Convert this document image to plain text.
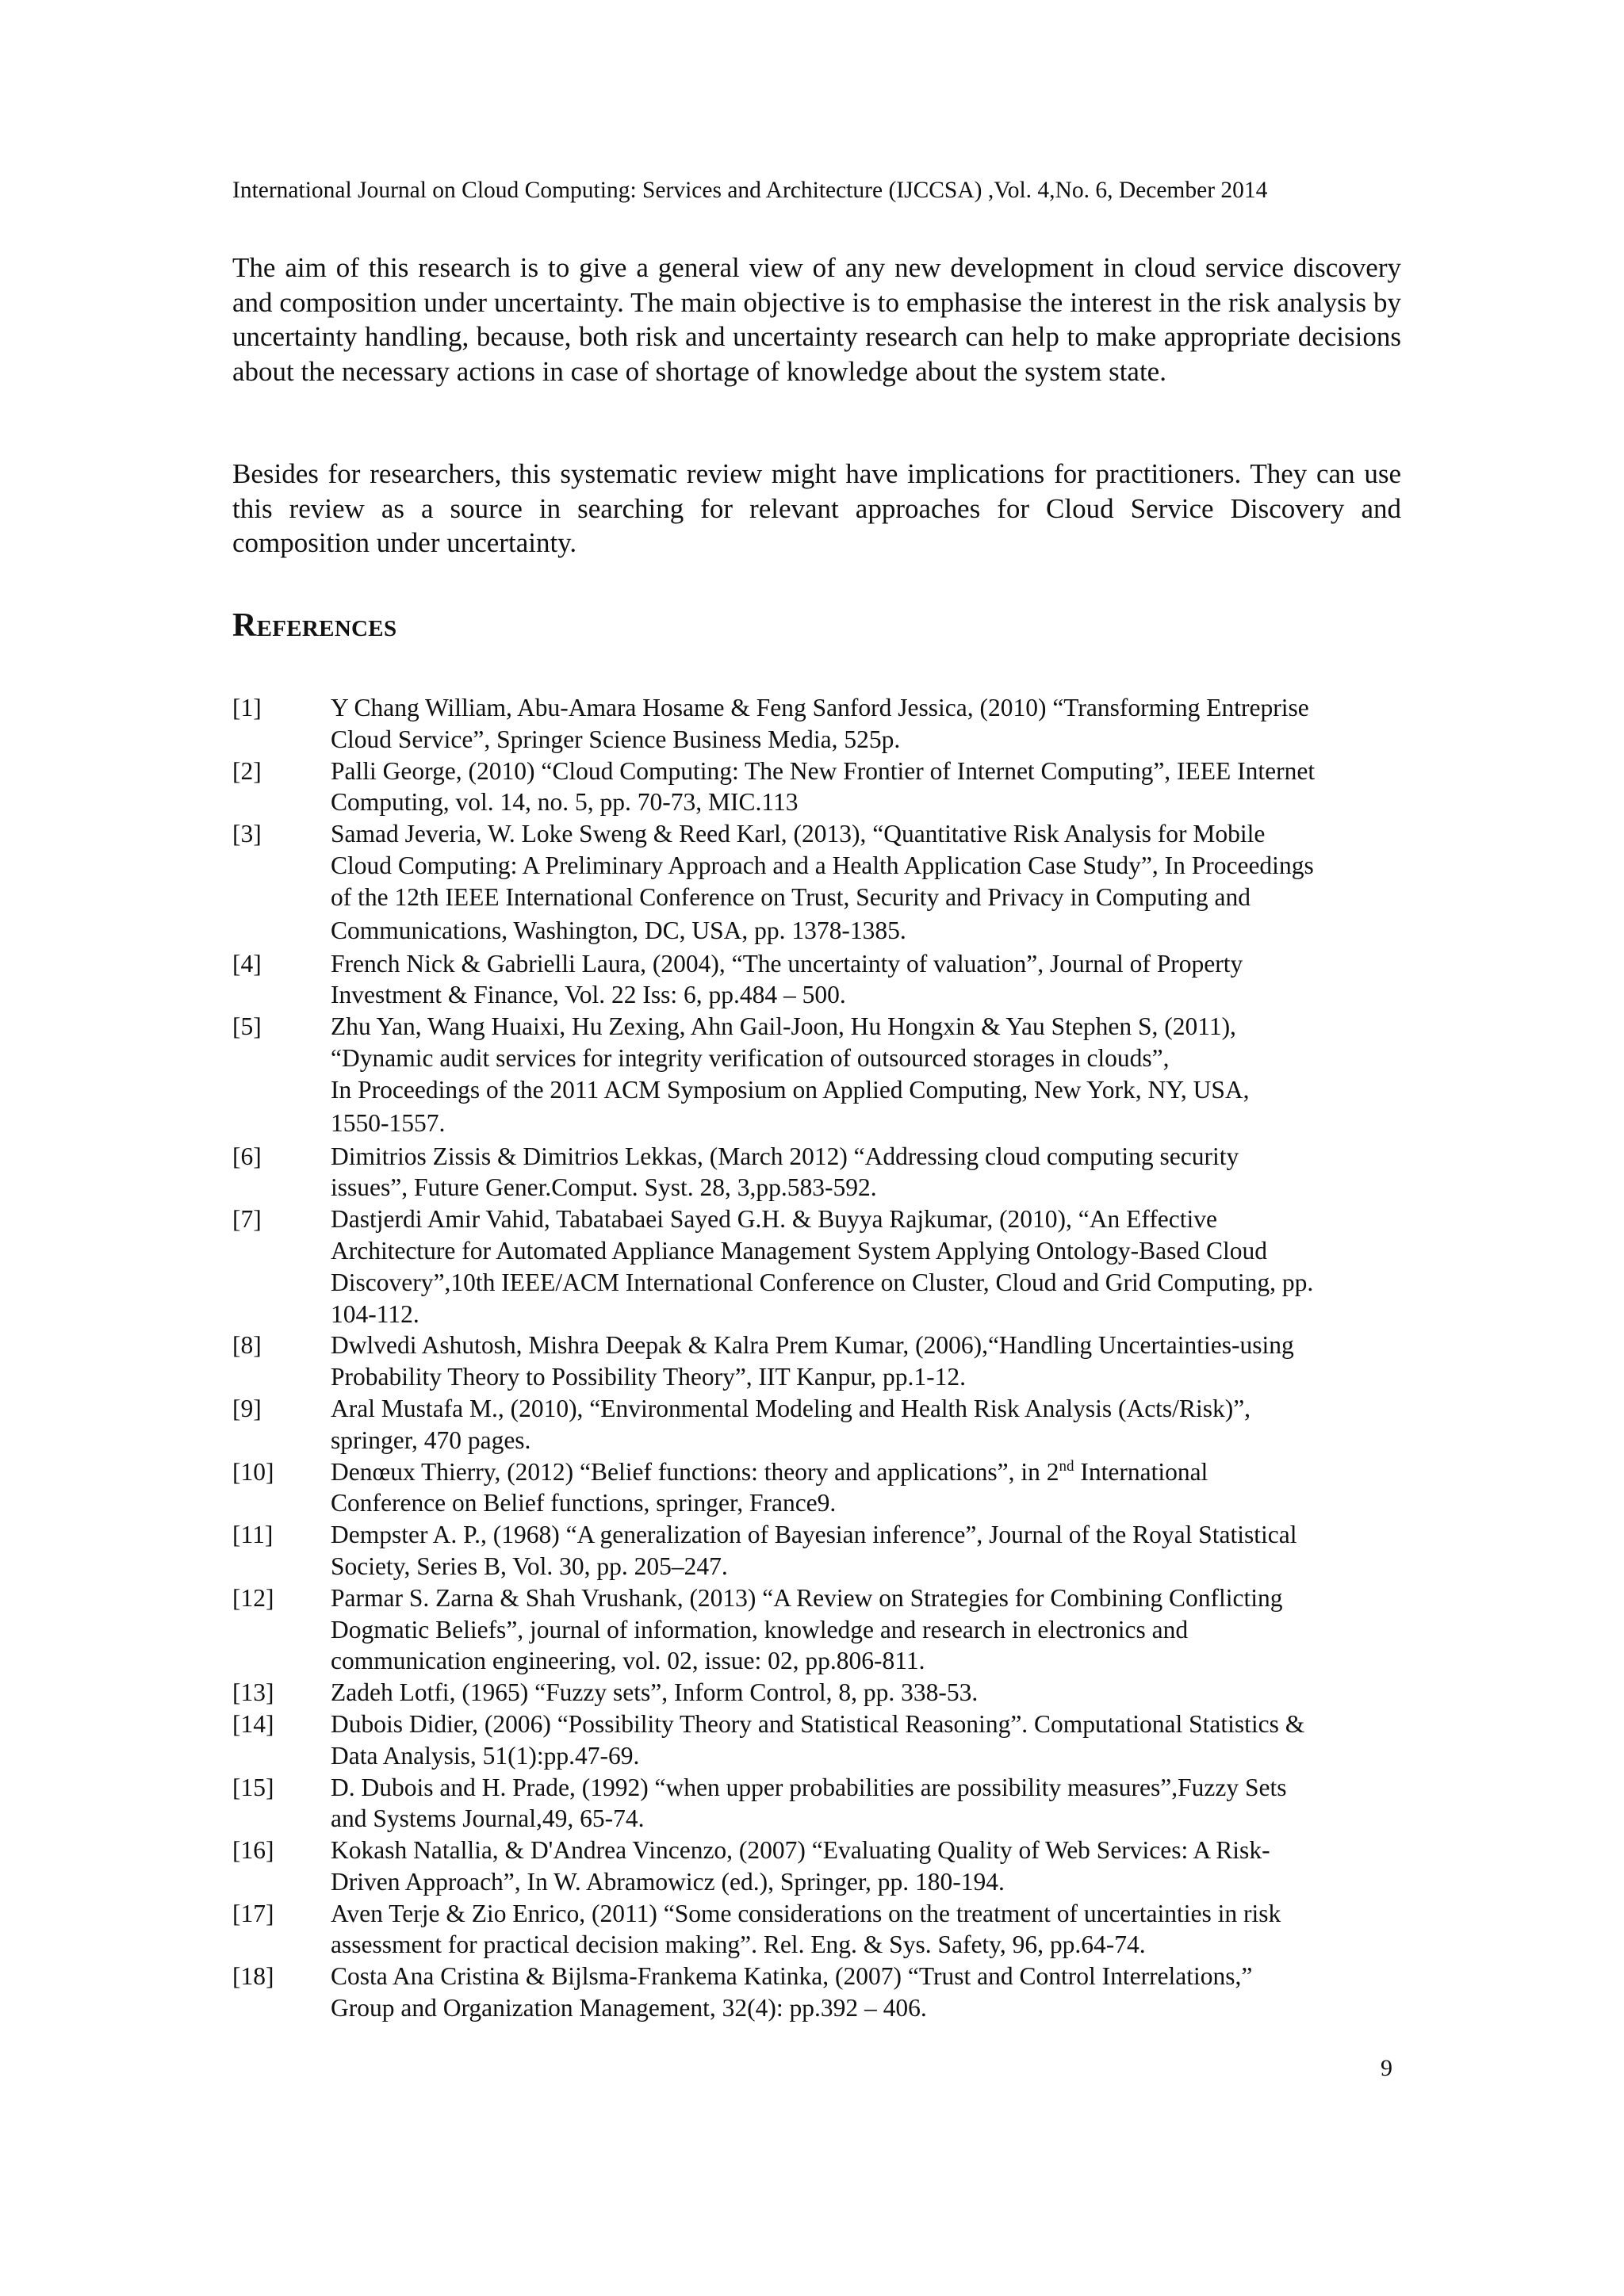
International Journal on Cloud Computing: Services and Architecture (IJCCSA) ,Vol. 4,No. 6, December 2014

The aim of this research is to give a general view of any new development in cloud service discovery and composition under uncertainty. The main objective is to emphasise the interest in the risk analysis by uncertainty handling, because, both risk and uncertainty research can help to make appropriate decisions about the necessary actions in case of shortage of knowledge about the system state.

Besides for researchers, this systematic review might have implications for practitioners. They can use this review as a source in searching for relevant approaches for Cloud Service Discovery and composition under uncertainty.

References
[1]	Y Chang William, Abu-Amara Hosame & Feng Sanford Jessica, (2010) “Transforming Entreprise
Cloud Service”, Springer Science Business Media, 525p.
[2]	Palli George, (2010) “Cloud Computing: The New Frontier of Internet Computing”, IEEE Internet
Computing, vol. 14, no. 5, pp. 70-73, MIC.113
[3]	Samad Jeveria, W. Loke Sweng & Reed Karl, (2013), “Quantitative Risk Analysis for Mobile
Cloud Computing: A Preliminary Approach and a Health Application Case Study”, In Proceedings
of the 12th IEEE International Conference on Trust, Security and Privacy in Computing and
Communications, Washington, DC, USA, pp. 1378-1385.
[4]	French Nick & Gabrielli Laura, (2004), “The uncertainty of valuation”, Journal of Property
Investment & Finance, Vol. 22 Iss: 6, pp.484 – 500.
[5]	Zhu Yan, Wang Huaixi, Hu Zexing, Ahn Gail-Joon, Hu Hongxin & Yau Stephen S, (2011),
“Dynamic audit services for integrity verification of outsourced storages in clouds”,
In Proceedings of the 2011 ACM Symposium on Applied Computing, New York, NY, USA,
1550-1557.
[6]	Dimitrios Zissis & Dimitrios Lekkas, (March 2012) “Addressing cloud computing security
issues”, Future Gener.Comput. Syst. 28, 3,pp.583-592.
[7]	Dastjerdi Amir Vahid, Tabatabaei Sayed G.H. & Buyya Rajkumar, (2010), “An Effective
Architecture for Automated Appliance Management System Applying Ontology-Based Cloud
Discovery”,10th IEEE/ACM International Conference on Cluster, Cloud and Grid Computing, pp.
104-112.
[8]	Dwlvedi Ashutosh, Mishra Deepak & Kalra Prem Kumar, (2006),“Handling Uncertainties-using
Probability Theory to Possibility Theory”, IIT Kanpur, pp.1-12.
[9]	Aral Mustafa M., (2010), “Environmental Modeling and Health Risk Analysis (Acts/Risk)”,
springer, 470 pages.
[10]	Denœux Thierry, (2012) “Belief functions: theory and applications”, in 2nd International
Conference on Belief functions, springer, France9.
[11]	Dempster A. P., (1968) “A generalization of Bayesian inference”, Journal of the Royal Statistical
Society, Series B, Vol. 30, pp. 205–247.
[12]	Parmar S. Zarna & Shah Vrushank, (2013) “A Review on Strategies for Combining Conflicting
Dogmatic Beliefs”, journal of information, knowledge and research in electronics and
communication engineering, vol. 02, issue: 02, pp.806-811.
[13]	Zadeh Lotfi, (1965) “Fuzzy sets”, Inform Control, 8, pp. 338-53.
[14]	Dubois Didier, (2006) “Possibility Theory and Statistical Reasoning”. Computational Statistics &
Data Analysis, 51(1):pp.47-69.
[15]	D. Dubois and H. Prade, (1992) “when upper probabilities are possibility measures”,Fuzzy Sets
and Systems Journal,49, 65-74.
[16]	Kokash Natallia, & D'Andrea Vincenzo, (2007) “Evaluating Quality of Web Services: A Risk-
Driven Approach”, In W. Abramowicz (ed.), Springer, pp. 180-194.
[17]	Aven Terje & Zio Enrico, (2011) “Some considerations on the treatment of uncertainties in risk
assessment for practical decision making”. Rel. Eng. & Sys. Safety, 96, pp.64-74.
[18]	Costa Ana Cristina & Bijlsma-Frankema Katinka, (2007) “Trust and Control Interrelations,”
Group and Organization Management, 32(4): pp.392 – 406.
9
